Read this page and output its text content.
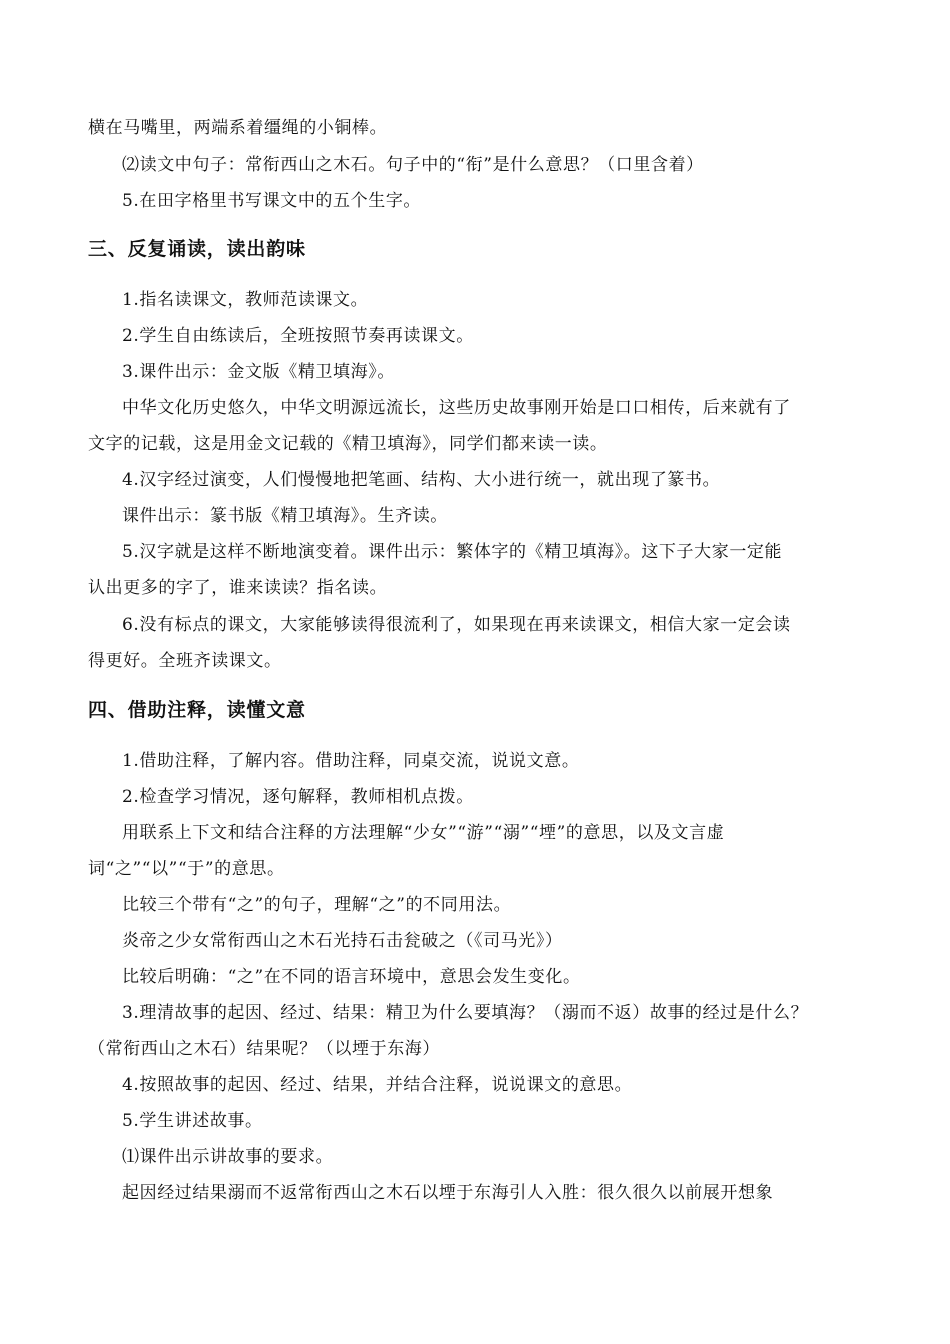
横在马嘴里，两端系着缰绳的小铜棒。
⑵读文中句子：常衔西山之木石。句子中的“衔”是什么意思？（口里含着）
5.在田字格里书写课文中的五个生字。
三、反复诵读，读出韵味
1.指名读课文，教师范读课文。
2.学生自由练读后，全班按照节奏再读课文。
3.课件出示：金文版《精卫填海》。
中华文化历史悠久，中华文明源远流长，这些历史故事刚开始是口口相传，后来就有了
文字的记载，这是用金文记载的《精卫填海》，同学们都来读一读。
4.汉字经过演变，人们慢慢地把笔画、结构、大小进行统一，就出现了篆书。
课件出示：篆书版《精卫填海》。生齐读。
5.汉字就是这样不断地演变着。课件出示：繁体字的《精卫填海》。这下子大家一定能
认出更多的字了，谁来读读？指名读。
6.没有标点的课文，大家能够读得很流利了，如果现在再来读课文，相信大家一定会读
得更好。全班齐读课文。
四、借助注释，读懂文意
1.借助注释，了解内容。借助注释，同桌交流，说说文意。
2.检查学习情况，逐句解释，教师相机点拨。
用联系上下文和结合注释的方法理解“少女”“游”“溺”“堙”的意思，以及文言虚
词“之”“以”“于”的意思。
比较三个带有“之”的句子，理解“之”的不同用法。
炎帝之少女常衔西山之木石光持石击瓮破之（《司马光》）
比较后明确：“之”在不同的语言环境中，意思会发生变化。
3.理清故事的起因、经过、结果：精卫为什么要填海？（溺而不返）故事的经过是什么？
（常衔西山之木石）结果呢？（以堙于东海）
4.按照故事的起因、经过、结果，并结合注释，说说课文的意思。
5.学生讲述故事。
⑴课件出示讲故事的要求。
起因经过结果溺而不返常衔西山之木石以堙于东海引人入胜：很久很久以前展开想象
